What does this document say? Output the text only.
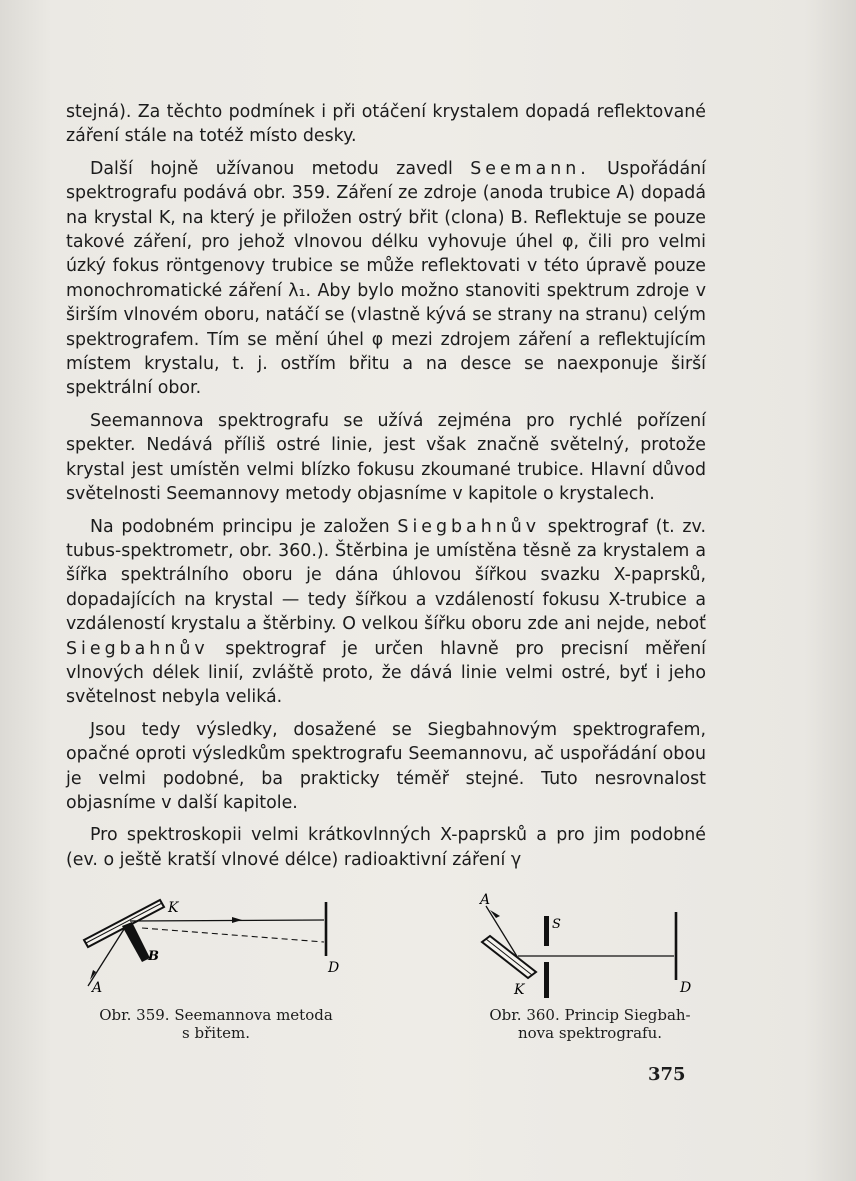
stejná). Za těchto podmínek i při otáčení krystalem dopadá reflektované záření stále na totéž místo desky.

Další hojně užívanou metodu zavedl Seemann. Uspořádání spektrografu podává obr. 359. Záření ze zdroje (anoda trubice A) dopadá na krystal K, na který je přiložen ostrý břit (clona) B. Reflektuje se pouze takové záření, pro jehož vlnovou délku vyhovuje úhel φ, čili pro velmi úzký fokus röntgenovy trubice se může reflektovati v této úpravě pouze monochromatické záření λ₁. Aby bylo možno stanoviti spektrum zdroje v širším vlnovém oboru, natáčí se (vlastně kývá se strany na stranu) celým spektrografem. Tím se mění úhel φ mezi zdrojem záření a reflektujícím místem krystalu, t. j. ostřím břitu a na desce se naexponuje širší spektrální obor.

Seemannova spektrografu se užívá zejména pro rychlé pořízení spekter. Nedává příliš ostré linie, jest však značně světelný, protože krystal jest umístěn velmi blízko fokusu zkoumané trubice. Hlavní důvod světelnosti Seemannovy metody objasníme v kapitole o krystalech.

Na podobném principu je založen Siegbahnův spektrograf (t. zv. tubus-spektrometr, obr. 360.). Štěrbina je umístěna těsně za krystalem a šířka spektrálního oboru je dána úhlovou šířkou svazku X-paprsků, dopadajících na krystal — tedy šířkou a vzdáleností fokusu X-trubice a vzdáleností krystalu a štěrbiny. O velkou šířku oboru zde ani nejde, neboť Siegbahnův spektrograf je určen hlavně pro precisní měření vlnových délek linií, zvláště proto, že dává linie velmi ostré, byť i jeho světelnost nebyla veliká.

Jsou tedy výsledky, dosažené se Siegbahnovým spektrografem, opačné oproti výsledkům spektrografu Seemannovu, ač uspořádání obou je velmi podobné, ba prakticky téměř stejné. Tuto nesrovnalost objasníme v další kapitole.

Pro spektroskopii velmi krátkovlnných X-paprsků a pro jim podobné (ev. o ještě kratší vlnové délce) radioaktivní záření γ

K
B
A
D
Obr. 359. Seemannova metoda
s břitem.
A
S
K	D
Obr. 360. Princip Siegbah-
nova spektrografu.
375
